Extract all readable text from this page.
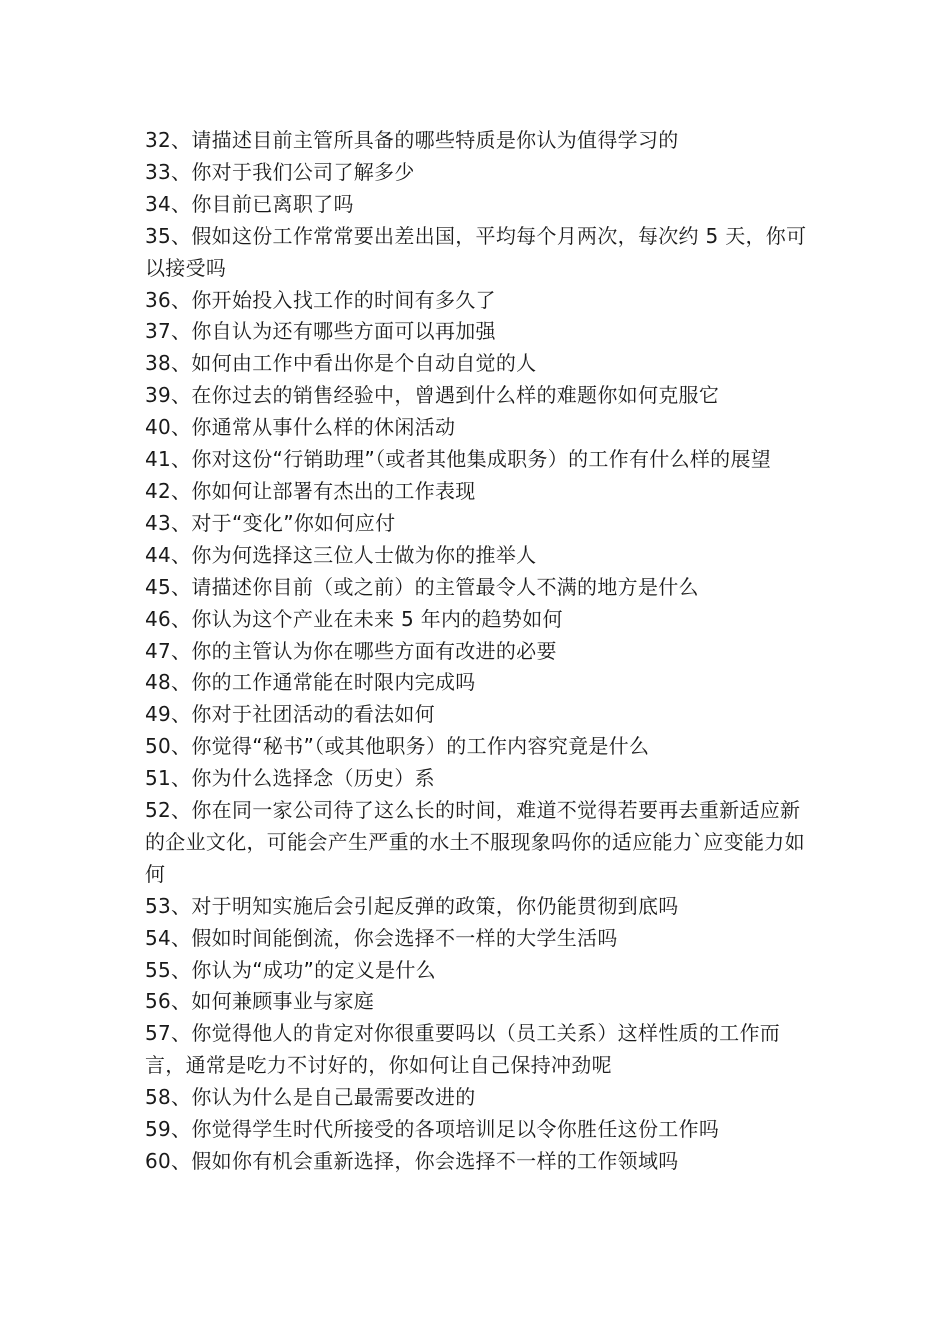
32、请描述目前主管所具备的哪些特质是你认为值得学习的

33、你对于我们公司了解多少

34、你目前已离职了吗

35、假如这份工作常常要出差出国，平均每个月两次，每次约 5 天，你可以接受吗

36、你开始投入找工作的时间有多久了

37、你自认为还有哪些方面可以再加强

38、如何由工作中看出你是个自动自觉的人

39、在你过去的销售经验中，曾遇到什么样的难题你如何克服它

40、你通常从事什么样的休闲活动

41、你对这份“行销助理”（或者其他集成职务）的工作有什么样的展望

42、你如何让部署有杰出的工作表现

43、对于“变化”你如何应付

44、你为何选择这三位人士做为你的推举人

45、请描述你目前（或之前）的主管最令人不满的地方是什么

46、你认为这个产业在未来 5 年内的趋势如何

47、你的主管认为你在哪些方面有改进的必要

48、你的工作通常能在时限内完成吗

49、你对于社团活动的看法如何

50、你觉得“秘书”（或其他职务）的工作内容究竟是什么

51、你为什么选择念（历史）系

52、你在同一家公司待了这么长的时间，难道不觉得若要再去重新适应新的企业文化，可能会产生严重的水土不服现象吗你的适应能力`应变能力如何

53、对于明知实施后会引起反弹的政策，你仍能贯彻到底吗

54、假如时间能倒流，你会选择不一样的大学生活吗

55、你认为“成功”的定义是什么

56、如何兼顾事业与家庭

57、你觉得他人的肯定对你很重要吗以（员工关系）这样性质的工作而言，通常是吃力不讨好的，你如何让自己保持冲劲呢

58、你认为什么是自己最需要改进的

59、你觉得学生时代所接受的各项培训足以令你胜任这份工作吗

60、假如你有机会重新选择，你会选择不一样的工作领域吗
